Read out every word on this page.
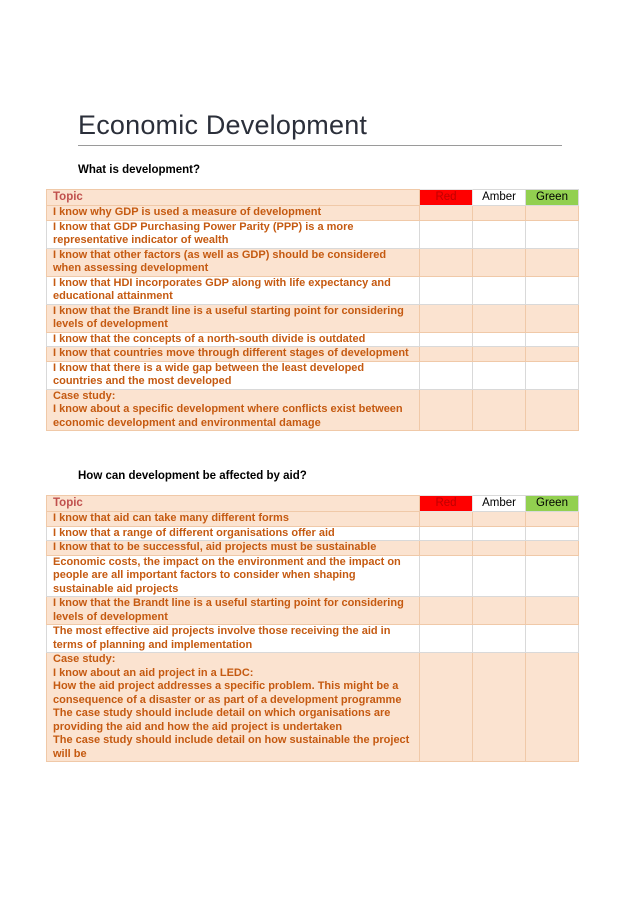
Economic Development
What is development?
Topic	Red	Amber	Green
I know why GDP is used a measure of development			
I know that GDP Purchasing Power Parity (PPP) is a more representative indicator of wealth			
I know that other factors (as well as GDP) should be considered when assessing development			
I know that HDI incorporates GDP along with life expectancy and educational attainment			
I know that the Brandt line is a useful starting point for considering levels of development			
I know that the concepts of a north-south divide is outdated			
I know that countries move through different stages of development			
I know that there is a wide gap between the least developed countries and the most developed			

Case study:
I know about a specific development where conflicts exist between economic development and environmental damage			

How can development be affected by aid?
Topic	Red	Amber	Green
I know that aid can take many different forms			
I know that a range of different organisations offer aid			
I know that to be successful, aid projects must be sustainable			
Economic costs, the impact on the environment and the impact on people are all important factors to consider when shaping sustainable aid projects			
I know that the Brandt line is a useful starting point for considering levels of development			
The most effective aid projects involve those receiving the aid in terms of planning and implementation			

Case study:
I know about an aid project in a LEDC:
How the aid project addresses a specific problem. This might be a consequence of a disaster or as part of a development programme
The case study should include detail on which organisations are providing the aid and how the aid project is undertaken
The case study should include detail on how sustainable the project will be			
